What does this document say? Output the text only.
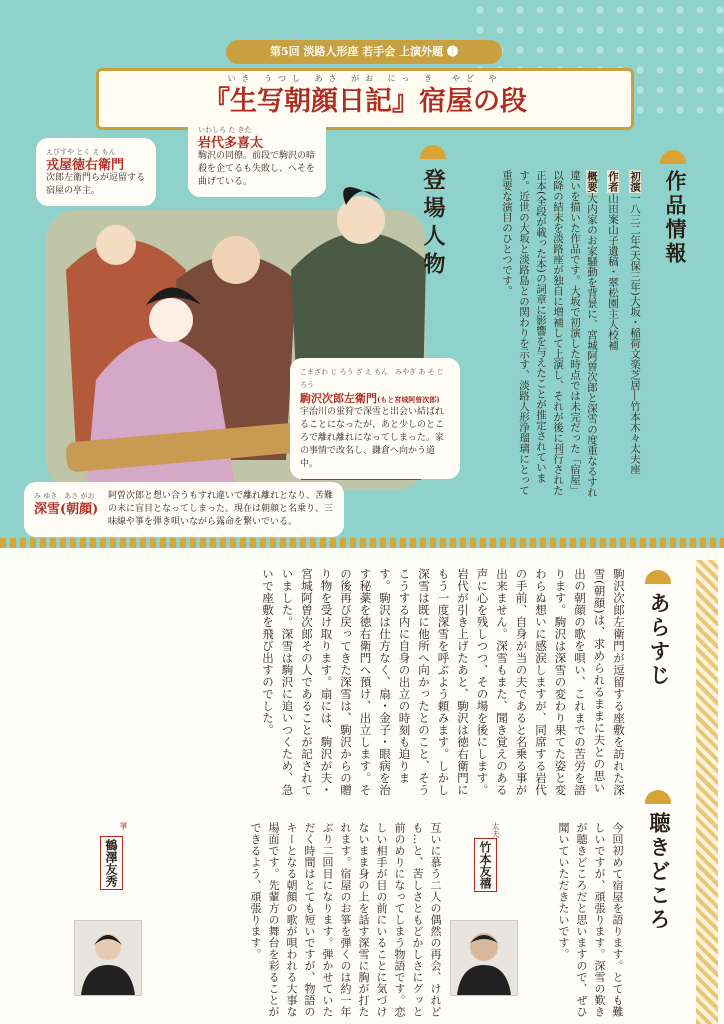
第5回 淡路人形座 若手会 上演外題 ❶
いき うつし あさ がお にっ き　やど や
『生写朝顔日記』宿屋の段
登場人物
えびすや とく え もん
戎屋徳右衛門
次郎左衛門らが逗留する宿屋の亭主。
いわしろ た きた
岩代多喜太
駒沢の同僚。前段で駒沢の暗殺を企てるも失敗し、へそを曲げている。
こまざわ じ ろう ざ え もん　みやぎ あ そ じろう
駒沢次郎左衛門(もと宮城阿曽次郎)
宇治川の蛍狩で深雪と出会い結ばれることになったが、あと少しのところで離れ離れになってしまった。家の事情で改名し、鎌倉へ向かう道中。
み ゆき　あさ がお
深雪(朝顔)
阿曽次郎と想い合うもすれ違いで離れ離れとなり、苦難の末に盲目となってしまった。現在は朝顔と名乗り、三味線や箏を弾き唄いながら露命を繋いでいる。
作品情報
初演一八三二年(天保三年)大坂・稲荷文楽芝居―竹本木々太夫座
作者山田案山子遺稿・翠松園主人校補
概要大内家のお家騒動を背景に、宮城阿曽次郎と深雪の度重なるすれ違いを描いた作品です。大坂で初演した時点では未完だった「宿屋」以降の結末を淡路座が独自に増補して上演し、それが後に刊行された正本(全段が載った本)の詞章に影響を与えたことが推定されています。近世の大坂と淡路島との関わりを示す、淡路人形浄瑠璃にとって重要な演目のひとつです。
あらすじ
駒沢次郎左衛門が逗留する座敷を訪れた深雪(朝顔)は、求められるままに夫との思い出の朝顔の歌を唄い、これまでの苦労を語ります。駒沢は深雪の変わり果てた姿と変わらぬ想いに感涙しますが、同席する岩代の手前、自身が当の夫であると名乗る事が出来ません。深雪もまた、聞き覚えのある声に心を残しつつ、その場を後にします。岩代が引き上げたあと、駒沢は徳右衛門にもう一度深雪を呼ぶよう頼みます。しかし深雪は既に他所へ向かったとのこと、そうこうする内に自身の出立の時刻も迫ります。駒沢は仕方なく、扇・金子・眼病を治す秘薬を徳右衛門へ預け、出立します。その後再び戻ってきた深雪は、駒沢からの贈り物を受け取ります。扇には、駒沢が夫・宮城阿曽次郎その人であることが記されていました。深雪は駒沢に追いつくため、急いで座敷を飛び出すのでした。
聴きどころ
今回初めて宿屋を語ります。とても難しいですが、頑張ります。深雪の歎きが聴きどころだと思いますので、ぜひ聞いていただきたいです。
太夫
竹本友禧
互いに慕う二人の偶然の再会、けれども…と、苦しさともどかしさにグッと前のめりになってしまう物語です。恋しい相手が目の前にいることに気づけないまま身の上を話す深雪に胸が打たれます。宿屋のお箏を弾くのは約一年ぶり二回目になります。弾かせていただく時間はとても短いですが、物語のキーとなる朝顔の歌が唄われる大事な場面です。先輩方の舞台を彩ることができるよう、頑張ります。
箏
鶴澤友秀
